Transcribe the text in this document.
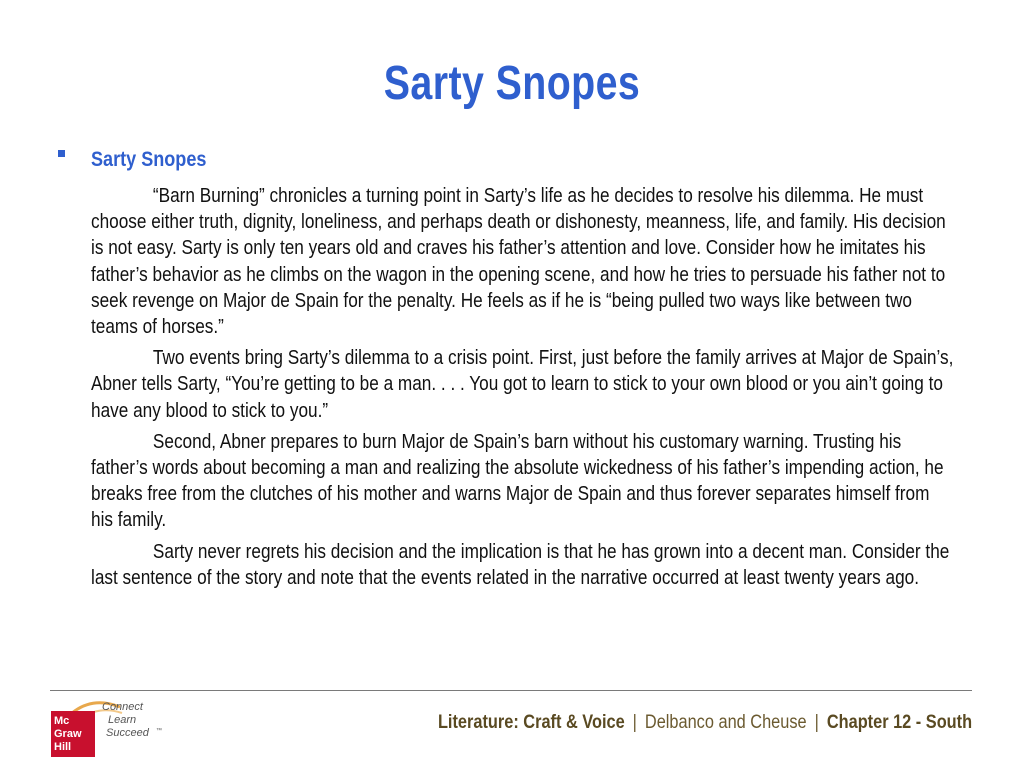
Sarty Snopes
Sarty Snopes

“Barn Burning” chronicles a turning point in Sarty’s life as he decides to resolve his dilemma. He must choose either truth, dignity, loneliness, and perhaps death or dishonesty, meanness, life, and family. His decision is not easy. Sarty is only ten years old and craves his father’s attention and love. Consider how he imitates his father’s behavior as he climbs on the wagon in the opening scene, and how he tries to persuade his father not to seek revenge on Major de Spain for the penalty. He feels as if he is “being pulled two ways like between two teams of horses.”

Two events bring Sarty’s dilemma to a crisis point. First, just before the family arrives at Major de Spain’s, Abner tells Sarty, “You’re getting to be a man. . . . You got to learn to stick to your own blood or you ain’t going to have any blood to stick to you.”

Second, Abner prepares to burn Major de Spain’s barn without his customary warning. Trusting his father’s words about becoming a man and realizing the absolute wickedness of his father’s impending action, he breaks free from the clutches of his mother and warns Major de Spain and thus forever separates himself from his family.

Sarty never regrets his decision and the implication is that he has grown into a decent man. Consider the last sentence of the story and note that the events related in the narrative occurred at least twenty years ago.

Mc
Graw
Hill
Connect
Learn
Succeed ™	Literature: Craft & Voice | Delbanco and Cheuse | Chapter 12 - South
